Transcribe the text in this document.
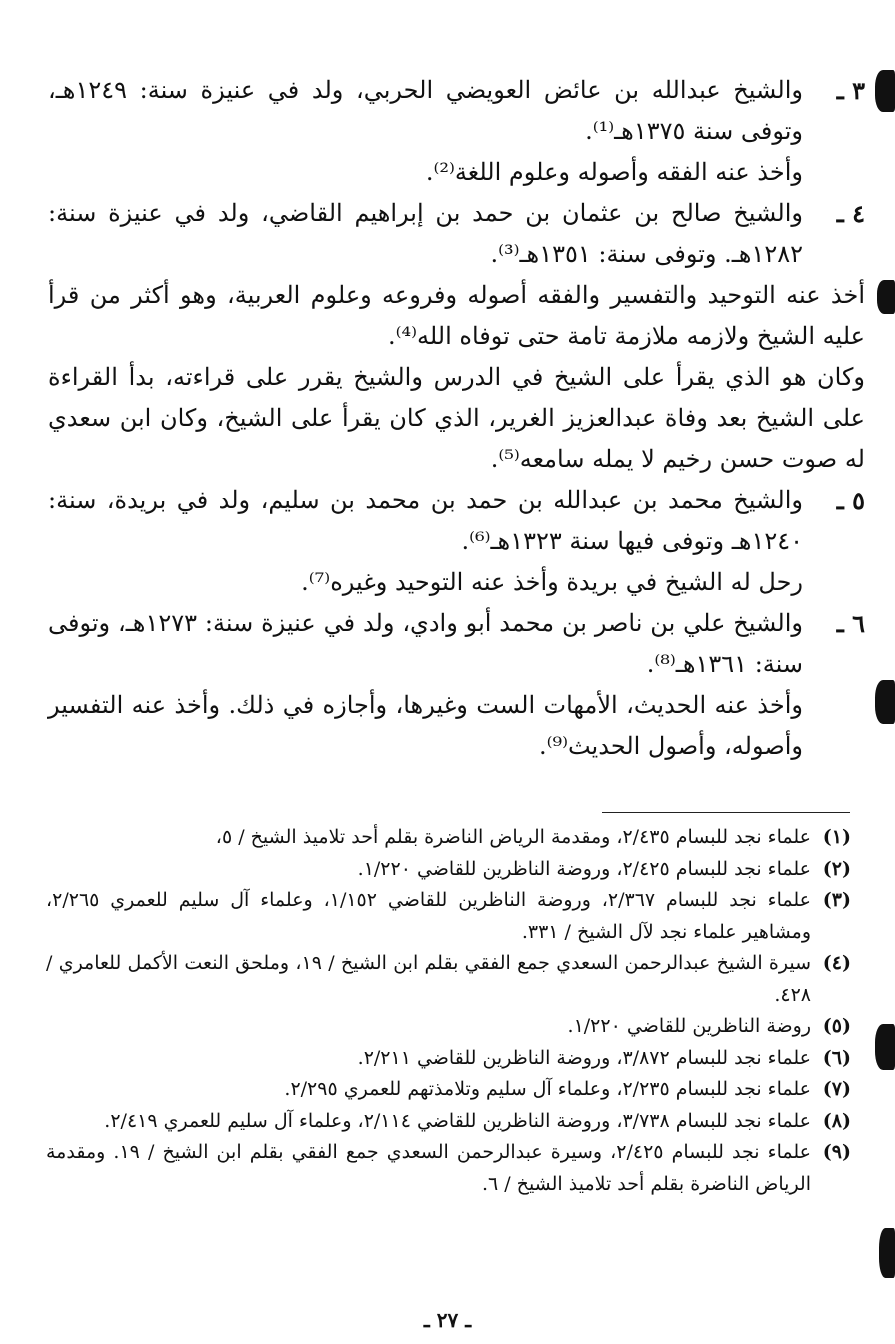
٣ ـ

والشيخ عبدالله بن عائض العويضي الحربي، ولد في عنيزة سنة: ١٢٤٩هـ، وتوفى سنة ١٣٧٥هـ⁽¹⁾.

وأخذ عنه الفقه وأصوله وعلوم اللغة⁽²⁾.

٤ ـ

والشيخ صالح بن عثمان بن حمد بن إبراهيم القاضي، ولد في عنيزة سنة: ١٢٨٢هـ. وتوفى سنة: ١٣٥١هـ⁽³⁾.

أخذ عنه التوحيد والتفسير والفقه أصوله وفروعه وعلوم العربية، وهو أكثر من قرأ عليه الشيخ ولازمه ملازمة تامة حتى توفاه الله⁽⁴⁾.

وكان هو الذي يقرأ على الشيخ في الدرس والشيخ يقرر على قراءته، بدأ القراءة على الشيخ بعد وفاة عبدالعزيز الغرير، الذي كان يقرأ على الشيخ، وكان ابن سعدي له صوت حسن رخيم لا يمله سامعه⁽⁵⁾.

٥ ـ

والشيخ محمد بن عبدالله بن حمد بن محمد بن سليم، ولد في بريدة، سنة: ١٢٤٠هـ وتوفى فيها سنة ١٣٢٣هـ⁽⁶⁾.

رحل له الشيخ في بريدة وأخذ عنه التوحيد وغيره⁽⁷⁾.

٦ ـ

والشيخ علي بن ناصر بن محمد أبو وادي، ولد في عنيزة سنة: ١٢٧٣هـ، وتوفى سنة: ١٣٦١هـ⁽⁸⁾.

وأخذ عنه الحديث، الأمهات الست وغيرها، وأجازه في ذلك. وأخذ عنه التفسير وأصوله، وأصول الحديث⁽⁹⁾.

(١)
علماء نجد للبسام ٢/٤٣٥، ومقدمة الرياض الناضرة بقلم أحد تلاميذ الشيخ / ٥،
(٢)
علماء نجد للبسام ٢/٤٢٥، وروضة الناظرين للقاضي ١/٢٢٠.
(٣)
علماء نجد للبسام ٢/٣٦٧، وروضة الناظرين للقاضي ١/١٥٢، وعلماء آل سليم للعمري ٢/٢٦٥، ومشاهير علماء نجد لآل الشيخ / ٣٣١.
(٤)
سيرة الشيخ عبدالرحمن السعدي جمع الفقي بقلم ابن الشيخ / ١٩، وملحق النعت الأكمل للعامري / ٤٢٨.
(٥)
روضة الناظرين للقاضي ١/٢٢٠.
(٦)
علماء نجد للبسام ٣/٨٧٢، وروضة الناظرين للقاضي ٢/٢١١.
(٧)
علماء نجد للبسام ٢/٢٣٥، وعلماء آل سليم وتلامذتهم للعمري ٢/٢٩٥.
(٨)
علماء نجد للبسام ٣/٧٣٨، وروضة الناظرين للقاضي ٢/١١٤، وعلماء آل سليم للعمري ٢/٤١٩.
(٩)
علماء نجد للبسام ٢/٤٢٥، وسيرة عبدالرحمن السعدي جمع الفقي بقلم ابن الشيخ / ١٩. ومقدمة الرياض الناضرة بقلم أحد تلاميذ الشيخ / ٦.
ـ ٢٧ ـ
